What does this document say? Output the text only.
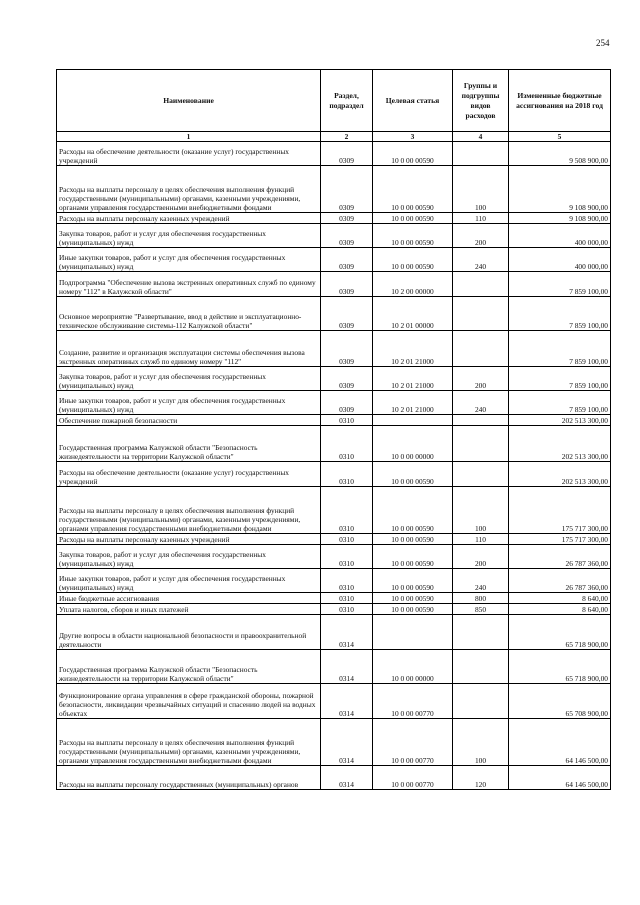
254
Наименование	Раздел, подраздел	Целевая статья	Группы и подгруппы видов расходов	Измененные бюджетные ассигнования на 2018 год
1	2	3	4	5
Расходы на обеспечение деятельности (оказание услуг) государственных учреждений	0309	10 0 00 00590		9 508 900,00
Расходы на выплаты персоналу в целях обеспечения выполнения функций государственными (муниципальными) органами, казенными учреждениями, органами управления государственными внебюджетными фондами	0309	10 0 00 00590	100	9 108 900,00
Расходы на выплаты персоналу казенных учреждений	0309	10 0 00 00590	110	9 108 900,00
Закупка товаров, работ и услуг для обеспечения государственных (муниципальных) нужд	0309	10 0 00 00590	200	400 000,00
Иные закупки товаров, работ и услуг для обеспечения государственных (муниципальных) нужд	0309	10 0 00 00590	240	400 000,00
Подпрограмма "Обеспечение вызова экстренных оперативных служб по единому номеру "112" в Калужской области"	0309	10 2 00 00000		7 859 100,00
Основное мероприятие "Развертывание, ввод в действие и эксплуатационно-техническое обслуживание системы-112 Калужской области"	0309	10 2 01 00000		7 859 100,00
Создание, развитие и организация эксплуатации системы обеспечения вызова экстренных оперативных служб по единому номеру "112"	0309	10 2 01 21000		7 859 100,00
Закупка товаров, работ и услуг для обеспечения государственных (муниципальных) нужд	0309	10 2 01 21000	200	7 859 100,00
Иные закупки товаров, работ и услуг для обеспечения государственных (муниципальных) нужд	0309	10 2 01 21000	240	7 859 100,00
Обеспечение пожарной безопасности	0310			202 513 300,00
Государственная программа Калужской области "Безопасность жизнедеятельности на территории Калужской области"	0310	10 0 00 00000		202 513 300,00
Расходы на обеспечение деятельности (оказание услуг) государственных учреждений	0310	10 0 00 00590		202 513 300,00
Расходы на выплаты персоналу в целях обеспечения выполнения функций государственными (муниципальными) органами, казенными учреждениями, органами управления государственными внебюджетными фондами	0310	10 0 00 00590	100	175 717 300,00
Расходы на выплаты персоналу казенных учреждений	0310	10 0 00 00590	110	175 717 300,00
Закупка товаров, работ и услуг для обеспечения государственных (муниципальных) нужд	0310	10 0 00 00590	200	26 787 360,00
Иные закупки товаров, работ и услуг для обеспечения государственных (муниципальных) нужд	0310	10 0 00 00590	240	26 787 360,00
Иные бюджетные ассигнования	0310	10 0 00 00590	800	8 640,00
Уплата налогов, сборов и иных платежей	0310	10 0 00 00590	850	8 640,00
Другие вопросы в области национальной безопасности и правоохранительной деятельности	0314			65 718 900,00
Государственная программа Калужской области "Безопасность жизнедеятельности на территории Калужской области"	0314	10 0 00 00000		65 718 900,00
Функционирование органа управления в сфере гражданской обороны, пожарной безопасности, ликвидации чрезвычайных ситуаций и спасению людей на водных объектах	0314	10 0 00 00770		65 708 900,00
Расходы на выплаты персоналу в целях обеспечения выполнения функций государственными (муниципальными) органами, казенными учреждениями, органами управления государственными внебюджетными фондами	0314	10 0 00 00770	100	64 146 500,00
Расходы на выплаты персоналу государственных (муниципальных) органов	0314	10 0 00 00770	120	64 146 500,00
